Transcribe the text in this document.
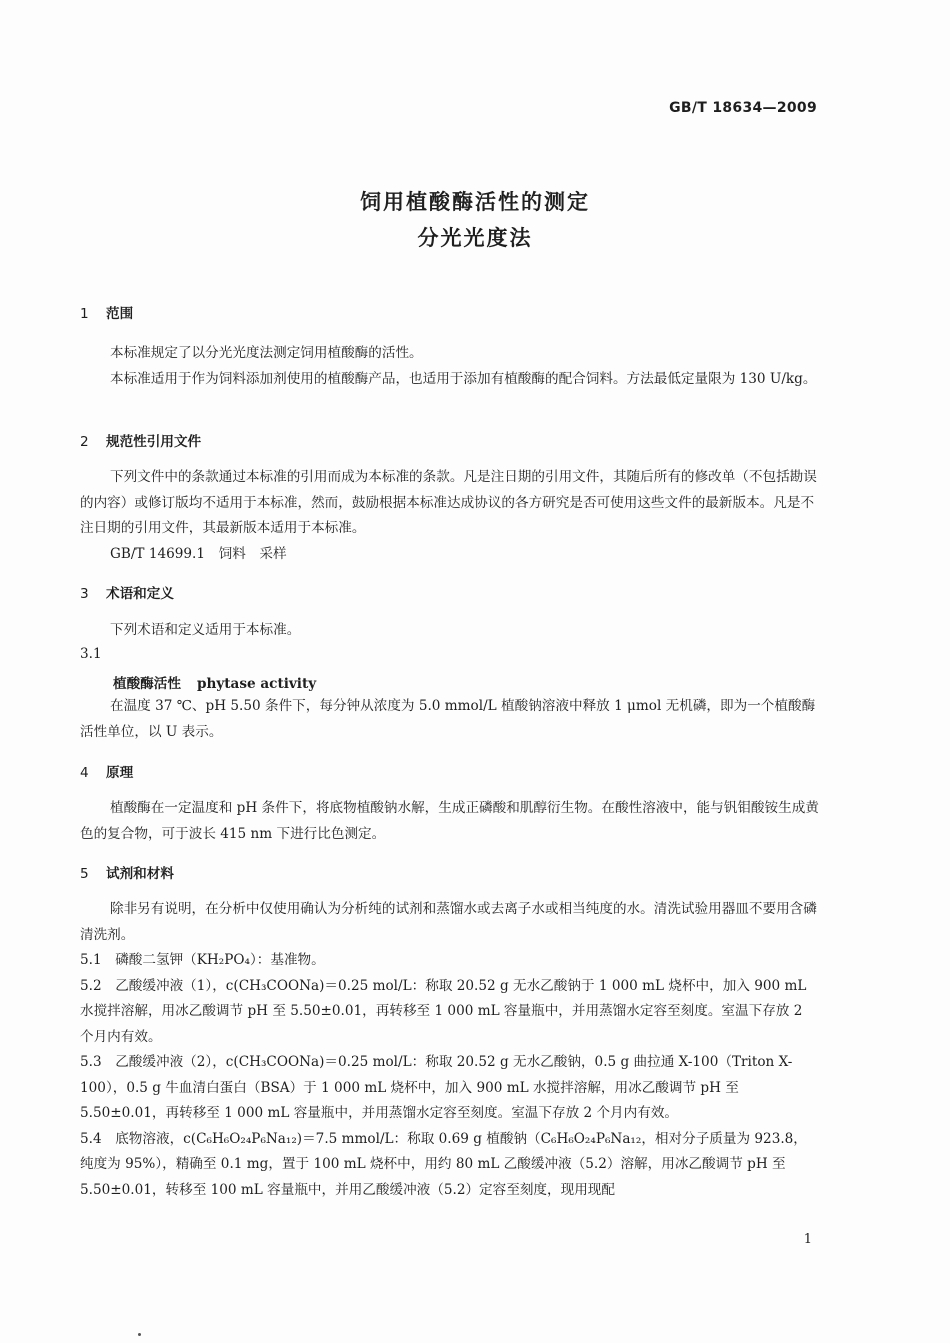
GB/T 18634—2009
饲用植酸酶活性的测定
分光光度法
1 范围

本标准规定了以分光光度法测定饲用植酸酶的活性。

本标准适用于作为饲料添加剂使用的植酸酶产品，也适用于添加有植酸酶的配合饲料。方法最低定量限为 130 U/kg。

2 规范性引用文件

下列文件中的条款通过本标准的引用而成为本标准的条款。凡是注日期的引用文件，其随后所有的修改单（不包括勘误的内容）或修订版均不适用于本标准，然而，鼓励根据本标准达成协议的各方研究是否可使用这些文件的最新版本。凡是不注日期的引用文件，其最新版本适用于本标准。

GB/T 14699.1　饲料　采样

3 术语和定义

下列术语和定义适用于本标准。

3.1
植酸酶活性 phytase activity

在温度 37 ℃、pH 5.50 条件下，每分钟从浓度为 5.0 mmol/L 植酸钠溶液中释放 1 μmol 无机磷，即为一个植酸酶活性单位，以 U 表示。

4 原理

植酸酶在一定温度和 pH 条件下，将底物植酸钠水解，生成正磷酸和肌醇衍生物。在酸性溶液中，能与钒钼酸铵生成黄色的复合物，可于波长 415 nm 下进行比色测定。

5 试剂和材料

除非另有说明，在分析中仅使用确认为分析纯的试剂和蒸馏水或去离子水或相当纯度的水。清洗试验用器皿不要用含磷清洗剂。

5.1　磷酸二氢钾（KH₂PO₄）：基准物。

5.2　乙酸缓冲液（1），c(CH₃COONa)＝0.25 mol/L：称取 20.52 g 无水乙酸钠于 1 000 mL 烧杯中，加入 900 mL 水搅拌溶解，用冰乙酸调节 pH 至 5.50±0.01，再转移至 1 000 mL 容量瓶中，并用蒸馏水定容至刻度。室温下存放 2 个月内有效。

5.3　乙酸缓冲液（2），c(CH₃COONa)＝0.25 mol/L：称取 20.52 g 无水乙酸钠，0.5 g 曲拉通 X-100（Triton X-100），0.5 g 牛血清白蛋白（BSA）于 1 000 mL 烧杯中，加入 900 mL 水搅拌溶解，用冰乙酸调节 pH 至 5.50±0.01，再转移至 1 000 mL 容量瓶中，并用蒸馏水定容至刻度。室温下存放 2 个月内有效。

5.4　底物溶液，c(C₆H₆O₂₄P₆Na₁₂)＝7.5 mmol/L：称取 0.69 g 植酸钠（C₆H₆O₂₄P₆Na₁₂，相对分子质量为 923.8，纯度为 95%），精确至 0.1 mg，置于 100 mL 烧杯中，用约 80 mL 乙酸缓冲液（5.2）溶解，用冰乙酸调节 pH 至 5.50±0.01，转移至 100 mL 容量瓶中，并用乙酸缓冲液（5.2）定容至刻度，现用现配

1
